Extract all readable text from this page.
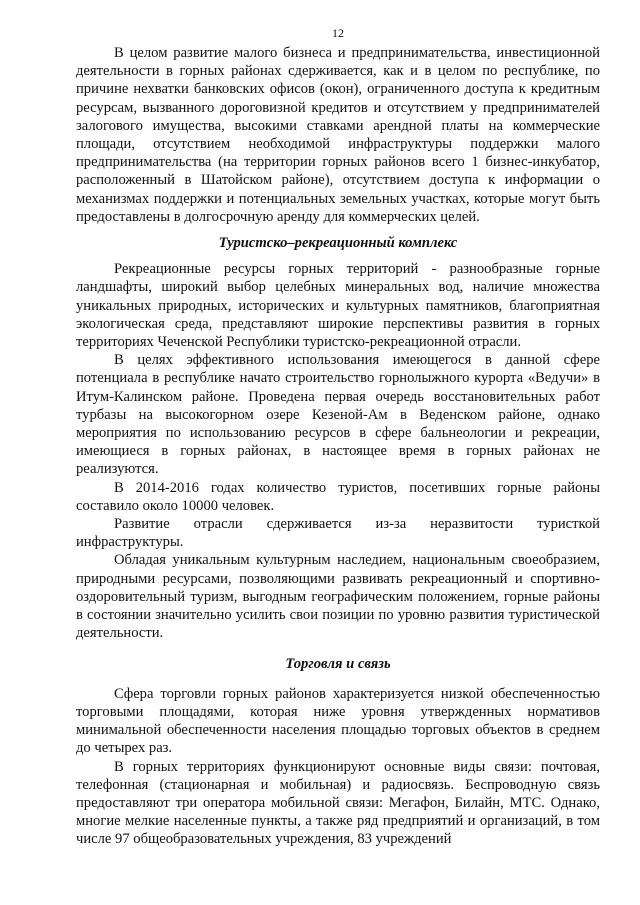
12

В целом развитие малого бизнеса и предпринимательства, инвестиционной деятельности в горных районах сдерживается, как и в целом по республике, по причине нехватки банковских офисов (окон), ограниченного доступа к кредитным ресурсам, вызванного дороговизной кредитов и отсутствием у предпринимателей залогового имущества, высокими ставками арендной платы на коммерческие площади, отсутствием необходимой инфраструктуры поддержки малого предпринимательства (на территории горных районов всего 1 бизнес-инкубатор, расположенный в Шатойском районе), отсутствием доступа к информации о механизмах поддержки и потенциальных земельных участках, которые могут быть предоставлены в долгосрочную аренду для коммерческих целей.

Туристско–рекреационный комплекс

Рекреационные ресурсы горных территорий - разнообразные горные ландшафты, широкий выбор целебных минеральных вод, наличие множества уникальных природных, исторических и культурных памятников, благоприятная экологическая среда, представляют широкие перспективы развития в горных территориях Чеченской Республики туристско-рекреационной отрасли.

В целях эффективного использования имеющегося в данной сфере потенциала в республике начато строительство горнолыжного курорта «Ведучи» в Итум-Калинском районе. Проведена первая очередь восстановительных работ турбазы на высокогорном озере Кезеной-Ам в Веденском районе, однако мероприятия по использованию ресурсов в сфере бальнеологии и рекреации, имеющиеся в горных районах, в настоящее время в горных районах не реализуются.

В 2014-2016 годах количество туристов, посетивших горные районы составило около 10000 человек.

Развитие отрасли сдерживается из-за неразвитости туристкой инфраструктуры.

Обладая уникальным культурным наследием, национальным своеобразием, природными ресурсами, позволяющими развивать рекреационный и спортивно-оздоровительный туризм, выгодным географическим положением, горные районы в состоянии значительно усилить свои позиции по уровню развития туристической деятельности.

Торговля и связь

Сфера торговли горных районов характеризуется низкой обеспеченностью торговыми площадями, которая ниже уровня утвержденных нормативов минимальной обеспеченности населения площадью торговых объектов в среднем до четырех раз.

В горных территориях функционируют основные виды связи: почтовая, телефонная (стационарная и мобильная) и радиосвязь. Беспроводную связь предоставляют три оператора мобильной связи: Мегафон, Билайн, МТС. Однако, многие мелкие населенные пункты, а также ряд предприятий и организаций, в том числе 97 общеобразовательных учреждения, 83 учреждений
